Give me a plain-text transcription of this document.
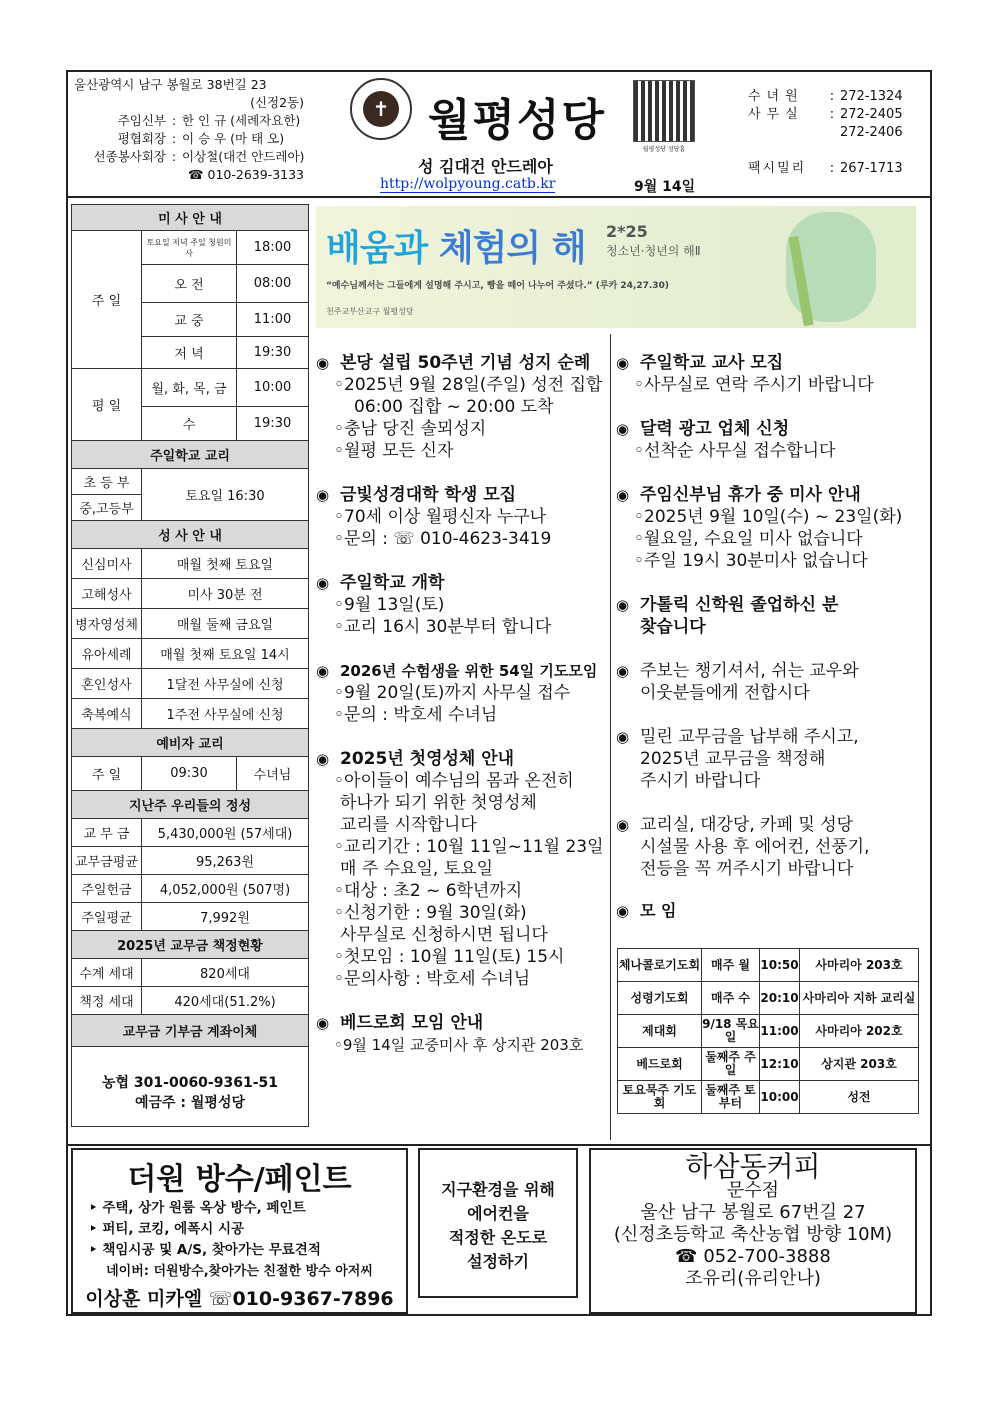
울산광역시 남구 봉월로 38번길 23
(신정2동)
주임신부 : 한 인 규 (세례자요한)
평협회장 : 이 승 우 (마 태 오)
선종봉사회장 : 이상철(대건 안드레아)
☎ 010-2639-3133
✝ 월평성당
성 김대건 안드레아
http://wolpyoung.catb.kr
월평성당 성당홈
9월 14일
수녀원	: 272-1324
사무실	: 272-2405
272-2406
팩시밀리	: 267-1713
미 사 안 내		
주 일	토요일 저녁 주일 청원미사	18:00
	오 전	08:00
	교 중	11:00
	저 녁	19:30
평 일	월, 화, 목, 금	10:00
	수	19:30
주일학교 교리		
초 등 부	토요일 16:30	
중,고등부		
성 사 안 내		
신심미사	매월 첫째 토요일	
고해성사	미사 30분 전	
병자영성체	매월 둘째 금요일	
유아세례	매월 첫째 토요일 14시	
혼인성사	1달전 사무실에 신청	
축복예식	1주전 사무실에 신청	
예비자 교리		
주 일	09:30	수녀님
지난주 우리들의 정성		
교 무 금	5,430,000원 (57세대)	
교무금평균	95,263원	
주일헌금	4,052,000원 (507명)	
주일평균	7,992원	
2025년 교무금 책정현황		
수계 세대	820세대	
책정 세대	420세대(51.2%)	
교무금 기부금 계좌이체		

농협 301-0060-9361-51
예금주 : 월평성당		
배움과 체험의 해 2*25
청소년·청년의 해Ⅱ
“예수님께서는 그들에게 설명해 주시고, 빵을 떼어 나누어 주셨다.” (루카 24,27.30)
천주교부산교구 월평성당
◉ 본당 설립 50주년 기념 성지 순례
◦2025년 9월 28일(주일) 성전 집합
06:00 집합 ~ 20:00 도착
◦충남 당진 솔뫼성지
◦월평 모든 신자
◉ 금빛성경대학 학생 모집
◦70세 이상 월평신자 누구나
◦문의 : ☏ 010-4623-3419
◉ 주일학교 개학
◦9월 13일(토)
◦교리 16시 30분부터 합니다
◉ 2026년 수험생을 위한 54일 기도모임
◦9월 20일(토)까지 사무실 접수
◦문의 : 박호세 수녀님
◉ 2025년 첫영성체 안내
◦아이들이 예수님의 몸과 온전히
하나가 되기 위한 첫영성체
교리를 시작합니다
◦교리기간 : 10월 11일~11월 23일
매 주 수요일, 토요일
◦대상 : 초2 ~ 6학년까지
◦신청기한 : 9월 30일(화)
사무실로 신청하시면 됩니다
◦첫모임 : 10월 11일(토) 15시
◦문의사항 : 박호세 수녀님
◉ 베드로회 모임 안내
◦9월 14일 교중미사 후 상지관 203호
◉ 주일학교 교사 모집
◦사무실로 연락 주시기 바랍니다
◉ 달력 광고 업체 신청
◦선착순 사무실 접수합니다
◉ 주임신부님 휴가 중 미사 안내
◦2025년 9월 10일(수) ~ 23일(화)
◦월요일, 수요일 미사 없습니다
◦주일 19시 30분미사 없습니다
◉ 가톨릭 신학원 졸업하신 분
찾습니다
◉ 주보는 챙기셔서, 쉬는 교우와
이웃분들에게 전합시다
◉ 밀린 교무금을 납부해 주시고,
2025년 교무금을 책정해
주시기 바랍니다
◉ 교리실, 대강당, 카페 및 성당
시설물 사용 후 에어컨, 선풍기,
전등을 꼭 꺼주시기 바랍니다
◉ 모 임
체나콜로기도회	매주 월	10:50	사마리아 203호
성령기도회	매주 수	20:10	사마리아 지하 교리실
제대회	9/18 목요일	11:00	사마리아 202호
베드로회	둘째주 주일	12:10	상지관 203호
토요묵주 기도회	둘째주 토부터	10:00	성전
더원 방수/페인트
‣ 주택, 상가 원룸 옥상 방수, 페인트
‣ 퍼티, 코킹, 에폭시 시공
‣ 책임시공 및 A/S, 찾아가는 무료견적
네이버: 더원방수,찾아가는 친절한 방수 아저씨
이상훈 미카엘 ☏010-9367-7896
지구환경을 위해
에어컨을
적정한 온도로
설정하기
하삼동커피
문수점
울산 남구 봉월로 67번길 27
(신정초등학교 축산농협 방향 10M)
☎ 052-700-3888
조유리(유리안나)
